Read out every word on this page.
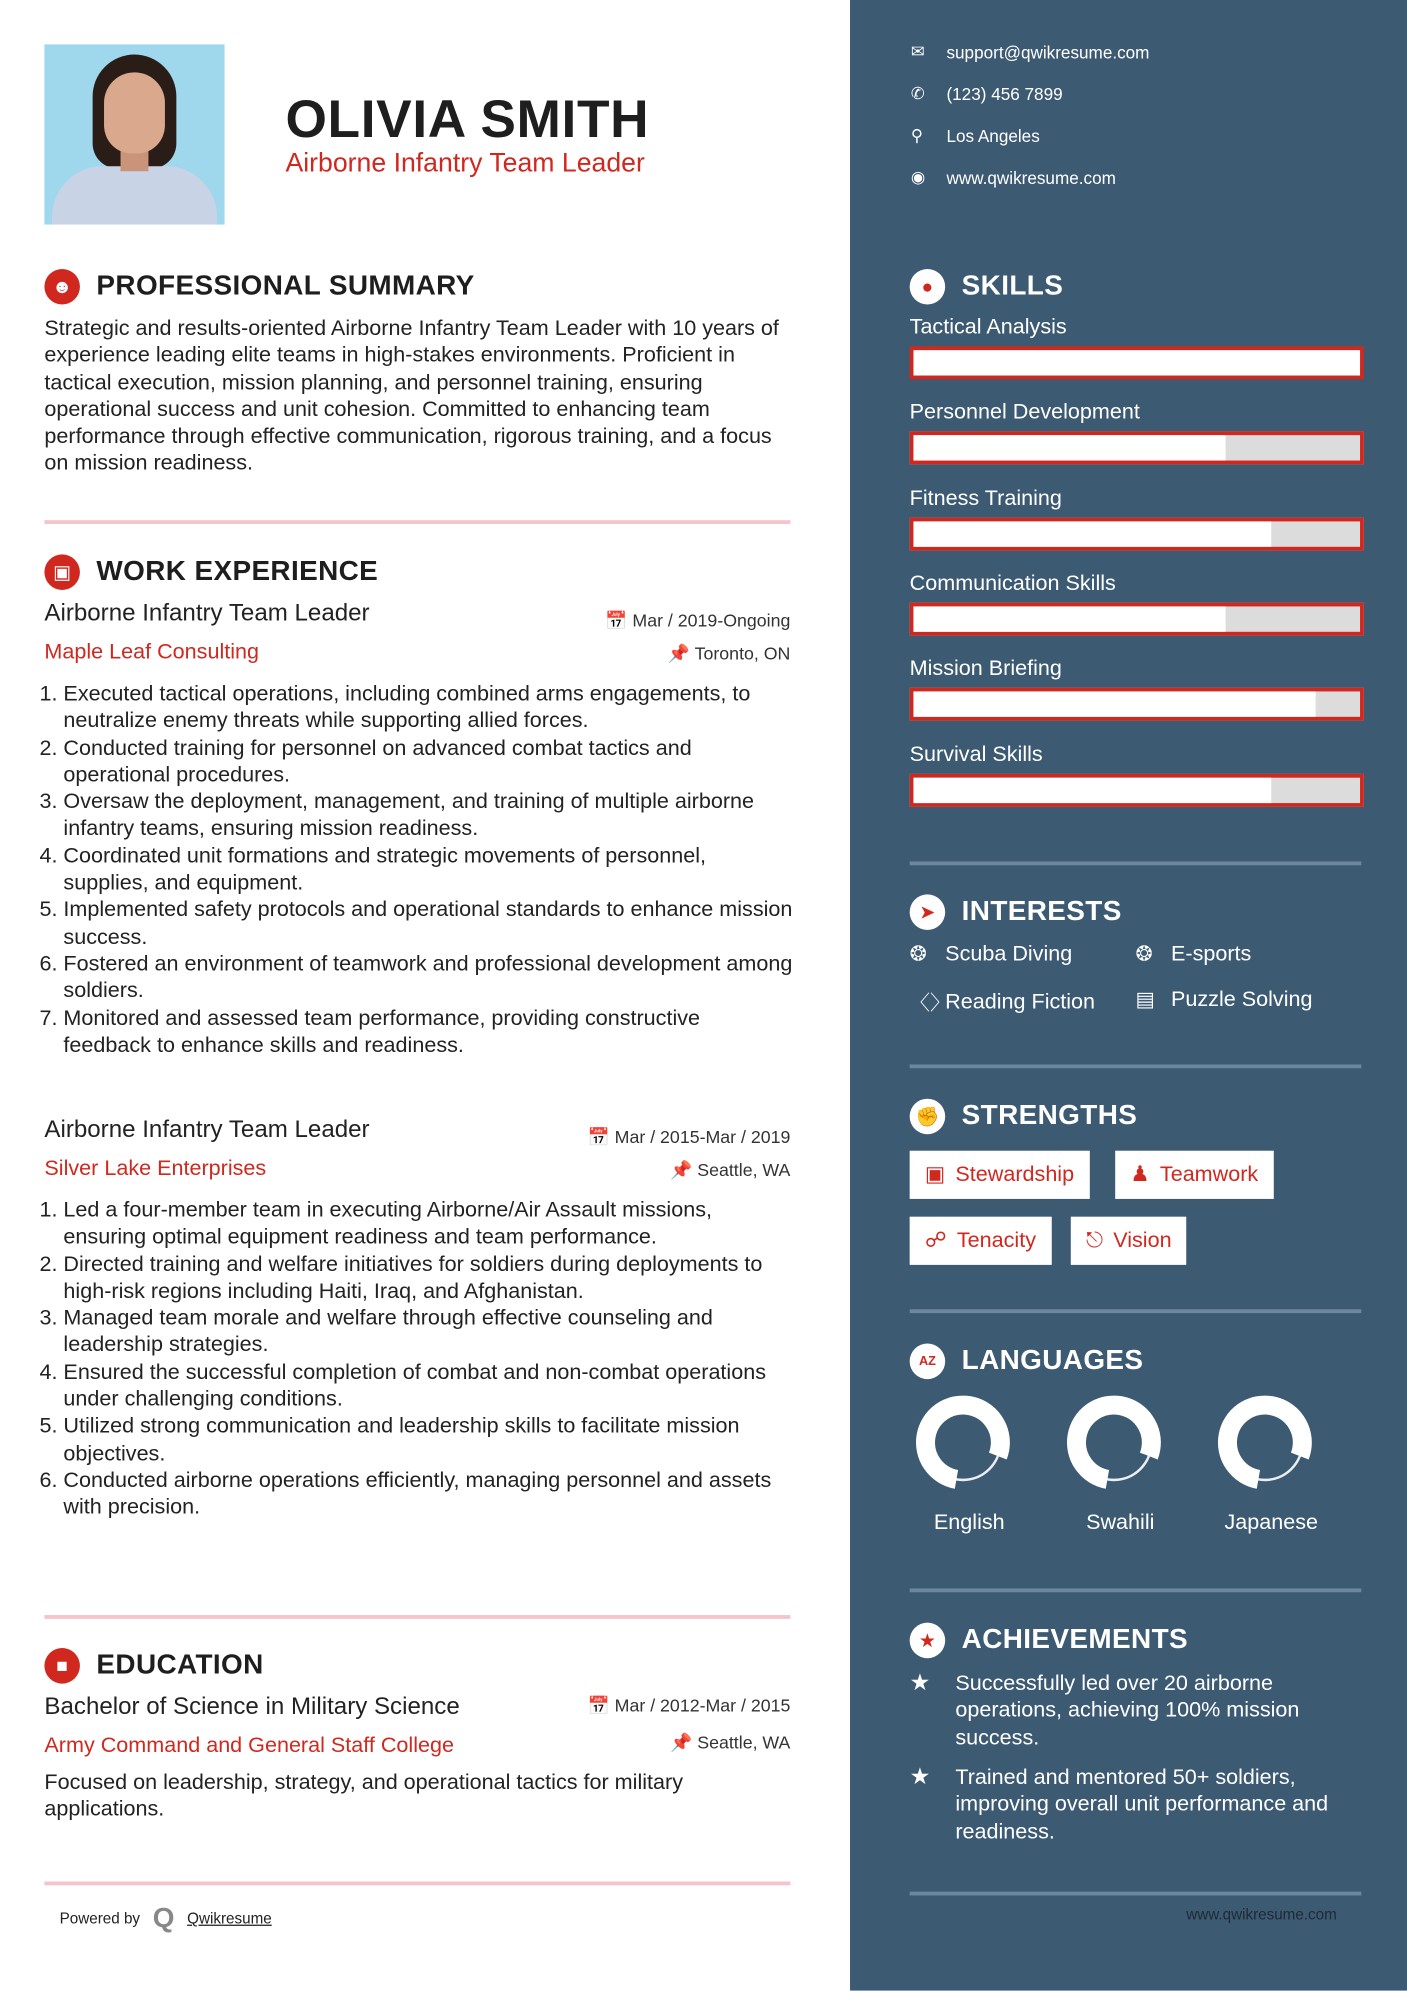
OLIVIA SMITH
Airborne Infantry Team Leader
☻	PROFESSIONAL SUMMARY
Strategic and results-oriented Airborne Infantry Team Leader with 10 years of experience leading elite teams in high-stakes environments. Proficient in tactical execution, mission planning, and personnel training, ensuring operational success and unit cohesion. Committed to enhancing team performance through effective communication, rigorous training, and a focus on mission readiness.
▣	WORK EXPERIENCE
Airborne Infantry Team Leader	📅 Mar / 2019-Ongoing
Maple Leaf Consulting	📌 Toronto, ON
1. Executed tactical operations, including combined arms engagements, to neutralize enemy threats while supporting allied forces.
2. Conducted training for personnel on advanced combat tactics and operational procedures.
3. Oversaw the deployment, management, and training of multiple airborne infantry teams, ensuring mission readiness.
4. Coordinated unit formations and strategic movements of personnel, supplies, and equipment.
5. Implemented safety protocols and operational standards to enhance mission success.
6. Fostered an environment of teamwork and professional development among soldiers.
7. Monitored and assessed team performance, providing constructive feedback to enhance skills and readiness.
Airborne Infantry Team Leader	📅 Mar / 2015-Mar / 2019
Silver Lake Enterprises	📌 Seattle, WA
1. Led a four-member team in executing Airborne/Air Assault missions, ensuring optimal equipment readiness and team performance.
2. Directed training and welfare initiatives for soldiers during deployments to high-risk regions including Haiti, Iraq, and Afghanistan.
3. Managed team morale and welfare through effective counseling and leadership strategies.
4. Ensured the successful completion of combat and non-combat operations under challenging conditions.
5. Utilized strong communication and leadership skills to facilitate mission objectives.
6. Conducted airborne operations efficiently, managing personnel and assets with precision.
■	EDUCATION
Bachelor of Science in Military Science	📅 Mar / 2012-Mar / 2015
Army Command and General Staff College	📌 Seattle, WA
Focused on leadership, strategy, and operational tactics for military applications.
Powered by Q Qwikresume
✉	support@qwikresume.com
✆	(123) 456 7899
⚲	Los Angeles
◉	www.qwikresume.com
●	SKILLS
Tactical Analysis
Personnel Development
Fitness Training
Communication Skills
Mission Briefing
Survival Skills
➤	INTERESTS
❂	Scuba Diving	❂	E-sports
〈〉
Reading Fiction	▤ Puzzle Solving
✊ STRENGTHS
▣ Stewardship	♟ Teamwork
☍ Tenacity	⎋ Vision
AZ	LANGUAGES
English	Swahili	Japanese
★	ACHIEVEMENTS
★	Successfully led over 20 airborne operations, achieving 100% mission success.
★	Trained and mentored 50+ soldiers, improving overall unit performance and readiness.
www.qwikresume.com
